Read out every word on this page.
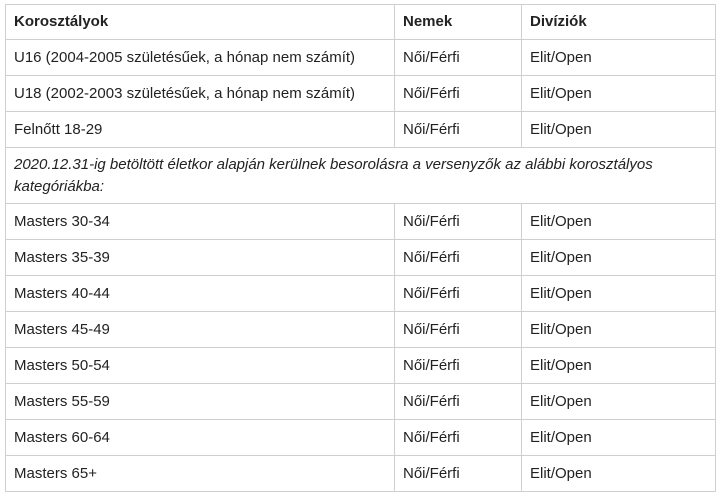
Korosztályok	Nemek	Divíziók
U16 (2004-2005 születésűek, a hónap nem számít)	Női/Férfi	Elit/Open
U18 (2002-2003 születésűek, a hónap nem számít)	Női/Férfi	Elit/Open
Felnőtt 18-29	Női/Férfi	Elit/Open
2020.12.31-ig betöltött életkor alapján kerülnek besorolásra a versenyzők az alábbi korosztályos kategóriákba:		
Masters 30-34	Női/Férfi	Elit/Open
Masters 35-39	Női/Férfi	Elit/Open
Masters 40-44	Női/Férfi	Elit/Open
Masters 45-49	Női/Férfi	Elit/Open
Masters 50-54	Női/Férfi	Elit/Open
Masters 55-59	Női/Férfi	Elit/Open
Masters 60-64	Női/Férfi	Elit/Open
Masters 65+	Női/Férfi	Elit/Open
